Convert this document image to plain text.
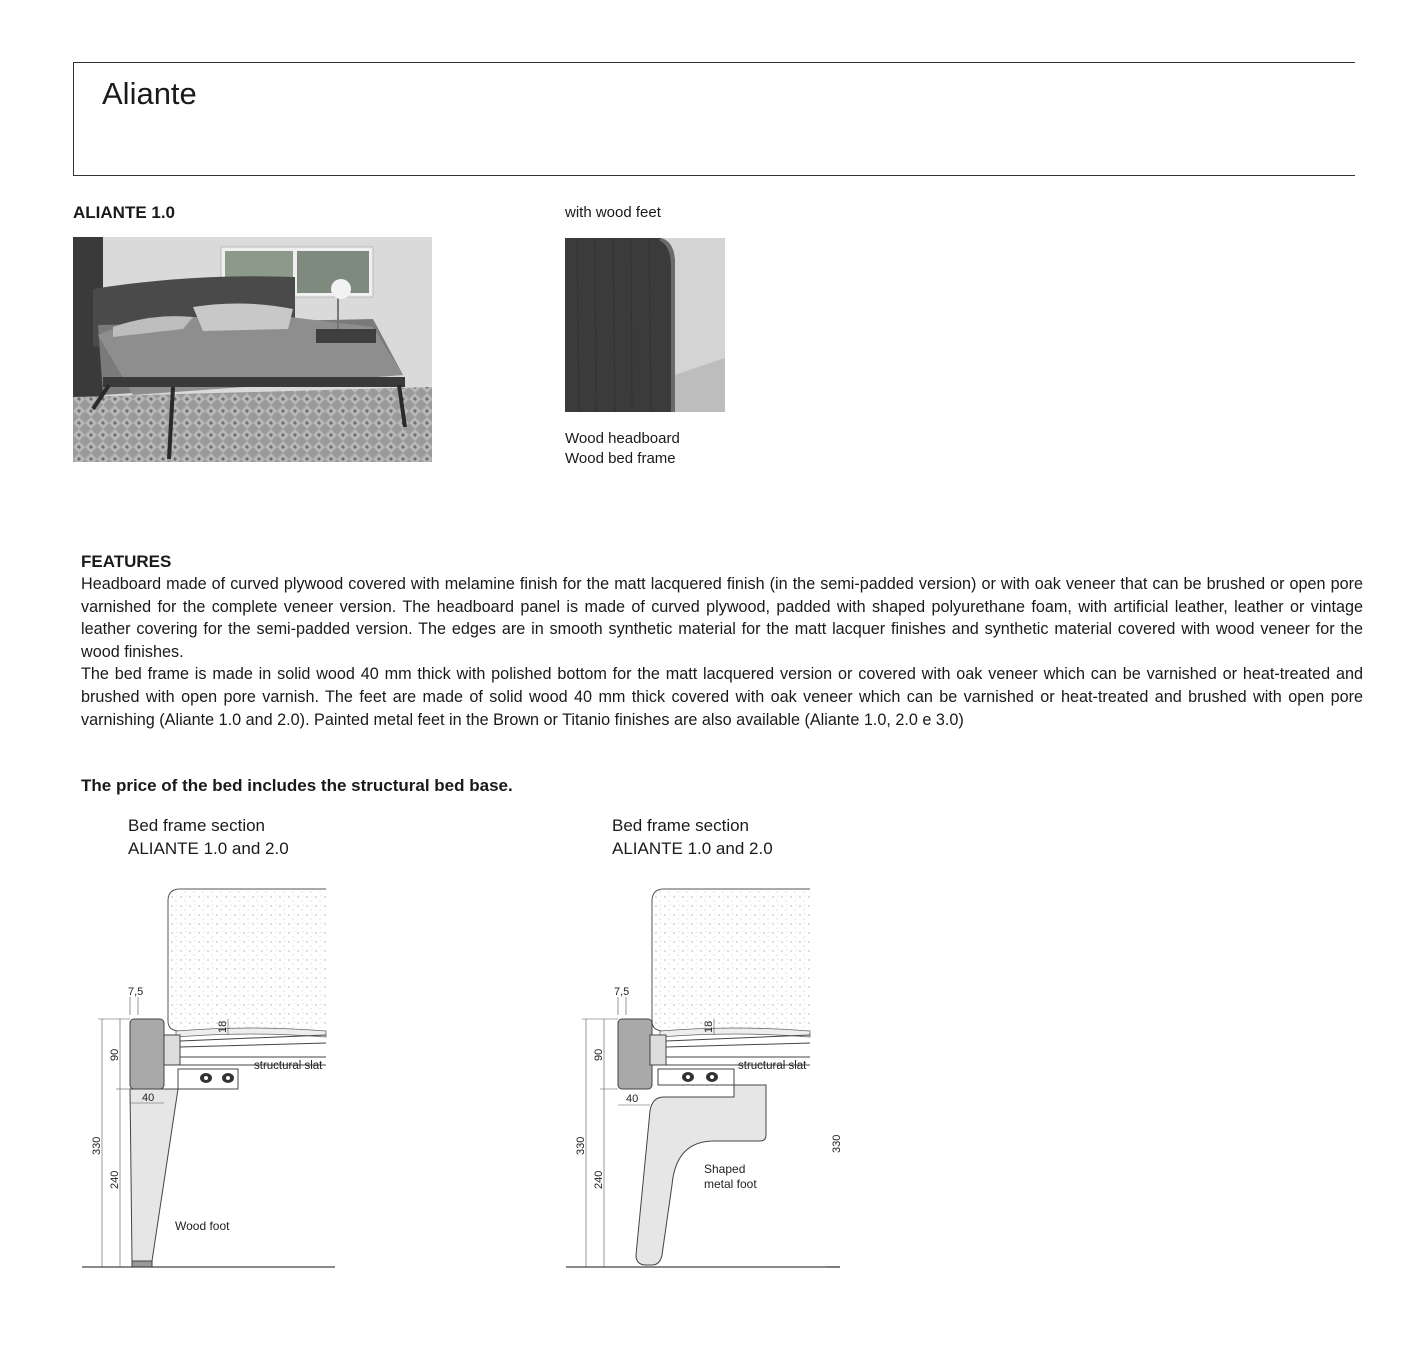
Aliante
ALIANTE 1.0	with wood feet
Wood headboard
Wood bed frame
FEATURES

Headboard made of curved plywood covered with melamine finish for the matt lacquered finish (in the semi-padded version) or with oak veneer that can be brushed or open pore varnished for the complete veneer version. The headboard panel is made of curved plywood, padded with shaped polyurethane foam, with artificial leather, leather or vintage leather covering for the semi-padded version. The edges are in smooth synthetic material for the matt lacquer finishes and synthetic material covered with wood veneer for the wood finishes.

The bed frame is made in solid wood 40 mm thick with polished bottom for the matt lacquered version or covered with oak veneer which can be varnished or heat-treated and brushed with open pore varnish. The feet are made of solid wood 40 mm thick covered with oak veneer which can be varnished or heat-treated and brushed with open pore varnishing (Aliante 1.0 and 2.0). Painted metal feet in the Brown or Titanio finishes are also available (Aliante 1.0, 2.0 e 3.0)

The price of the bed includes the structural bed base.
Bed frame section
ALIANTE 1.0 and 2.0
Bed frame section
ALIANTE 1.0 and 2.0
7,5
18
90
40
330
240
structural slat
Wood foot
7,5
18
90
40
330
240
330
structural slat
Shaped
metal foot
